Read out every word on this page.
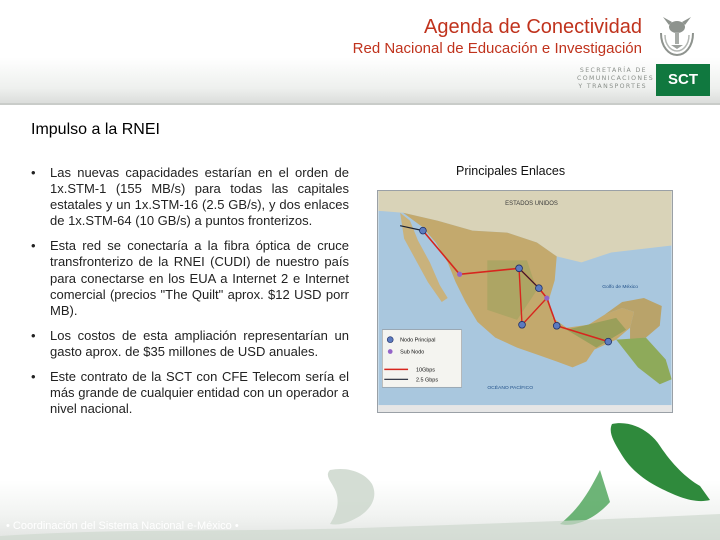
Agenda de Conectividad
Red Nacional de Educación e Investigación
SECRETARÍA DE
COMUNICACIONES
Y TRANSPORTES	SCT
Impulso a la RNEI
• Las nuevas capacidades estarían en el orden de 1x.STM-1 (155 MB/s) para todas las capitales estatales y un 1x.STM-16 (2.5 GB/s), y dos enlaces de 1x.STM-64 (10 GB/s) a puntos fronterizos.
• Esta red se conectaría a la fibra óptica de cruce transfronterizo de la RNEI (CUDI) de nuestro país para conectarse en los EUA a Internet 2 e Internet comercial (precios "The Quilt" aprox. $12 USD porr MB).
• Los costos de esta ampliación representarían un gasto aprox. de $35 millones de USD anuales.
• Este contrato de la SCT con CFE Telecom sería el más grande de cualquier entidad con un operador a nivel nacional.
Principales Enlaces
ESTADOS UNIDOS
Golfo de México
OCÉANO PACÍFICO
Nodo Principal
Sub Nodo
10Gbps
2.5 Gbps
• Coordinación del Sistema Nacional e-México •
